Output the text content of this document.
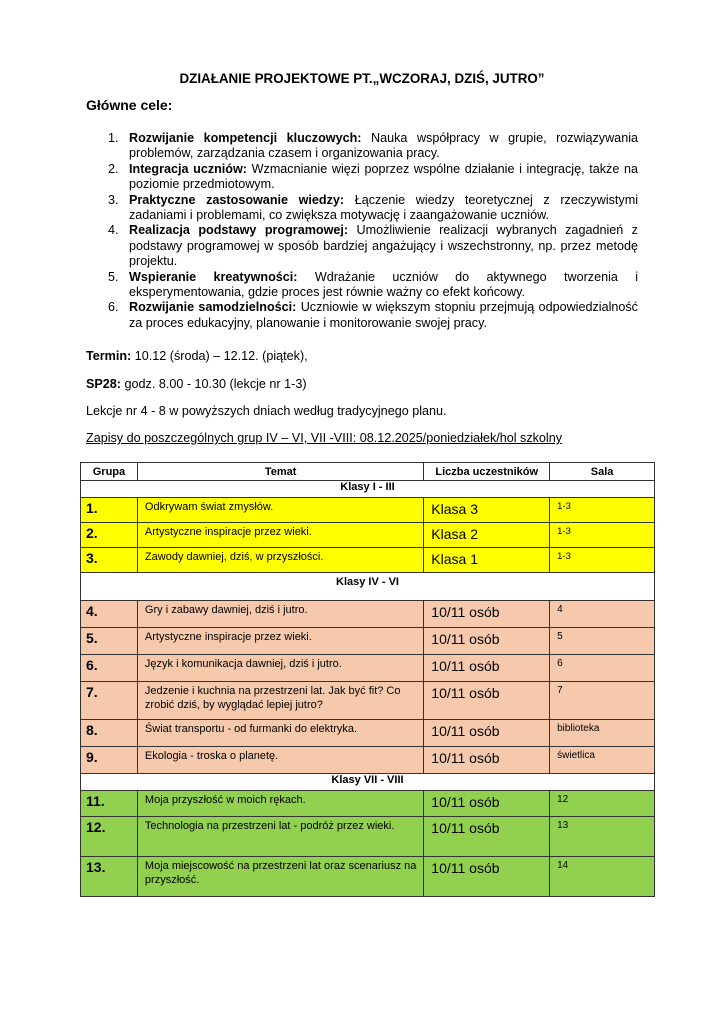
DZIAŁANIE PROJEKTOWE PT.„WCZORAJ, DZIŚ, JUTRO”
Główne cele:
1. Rozwijanie kompetencji kluczowych: Nauka współpracy w grupie, rozwiązywania problemów, zarządzania czasem i organizowania pracy.
2. Integracja uczniów: Wzmacnianie więzi poprzez wspólne działanie i integrację, także na poziomie przedmiotowym.
3. Praktyczne zastosowanie wiedzy: Łączenie wiedzy teoretycznej z rzeczywistymi zadaniami i problemami, co zwiększa motywację i zaangażowanie uczniów.
4. Realizacja podstawy programowej: Umożliwienie realizacji wybranych zagadnień z podstawy programowej w sposób bardziej angażujący i wszechstronny, np. przez metodę projektu.
5. Wspieranie kreatywności: Wdrażanie uczniów do aktywnego tworzenia i eksperymentowania, gdzie proces jest równie ważny co efekt końcowy.
6. Rozwijanie samodzielności: Uczniowie w większym stopniu przejmują odpowiedzialność za proces edukacyjny, planowanie i monitorowanie swojej pracy.
Termin: 10.12 (środa) – 12.12. (piątek),
SP28: godz. 8.00 - 10.30 (lekcje nr 1-3)
Lekcje nr 4 - 8 w powyższych dniach według tradycyjnego planu.
Zapisy do poszczególnych grup IV – VI, VII -VIII: 08.12.2025/poniedziałek/hol szkolny
Grupa	Temat	Liczba uczestników	Sala
Klasy I - III			
1.	Odkrywam świat zmysłów.	Klasa 3	1-3
2.	Artystyczne inspiracje przez wieki.	Klasa 2	1-3
3.	Zawody dawniej, dziś, w przyszłości.	Klasa 1	1-3
Klasy IV - VI			
4.	Gry i zabawy dawniej, dziś i jutro.	10/11 osób	4
5.	Artystyczne inspiracje przez wieki.	10/11 osób	5
6.	Język i komunikacja dawniej, dziś i jutro.	10/11 osób	6
7.	Jedzenie i kuchnia na przestrzeni lat. Jak być fit? Co zrobić dziś, by wyglądać lepiej jutro?	10/11 osób	7
8.	Świat transportu - od furmanki do elektryka.	10/11 osób	biblioteka
9.	Ekologia - troska o planetę.	10/11 osób	świetlica
Klasy VII - VIII			
11.	Moja przyszłość w moich rękach.	10/11 osób	12
12.	Technologia na przestrzeni lat - podróż przez wieki.	10/11 osób	13
13.	Moja miejscowość na przestrzeni lat oraz scenariusz na przyszłość.	10/11 osób	14
